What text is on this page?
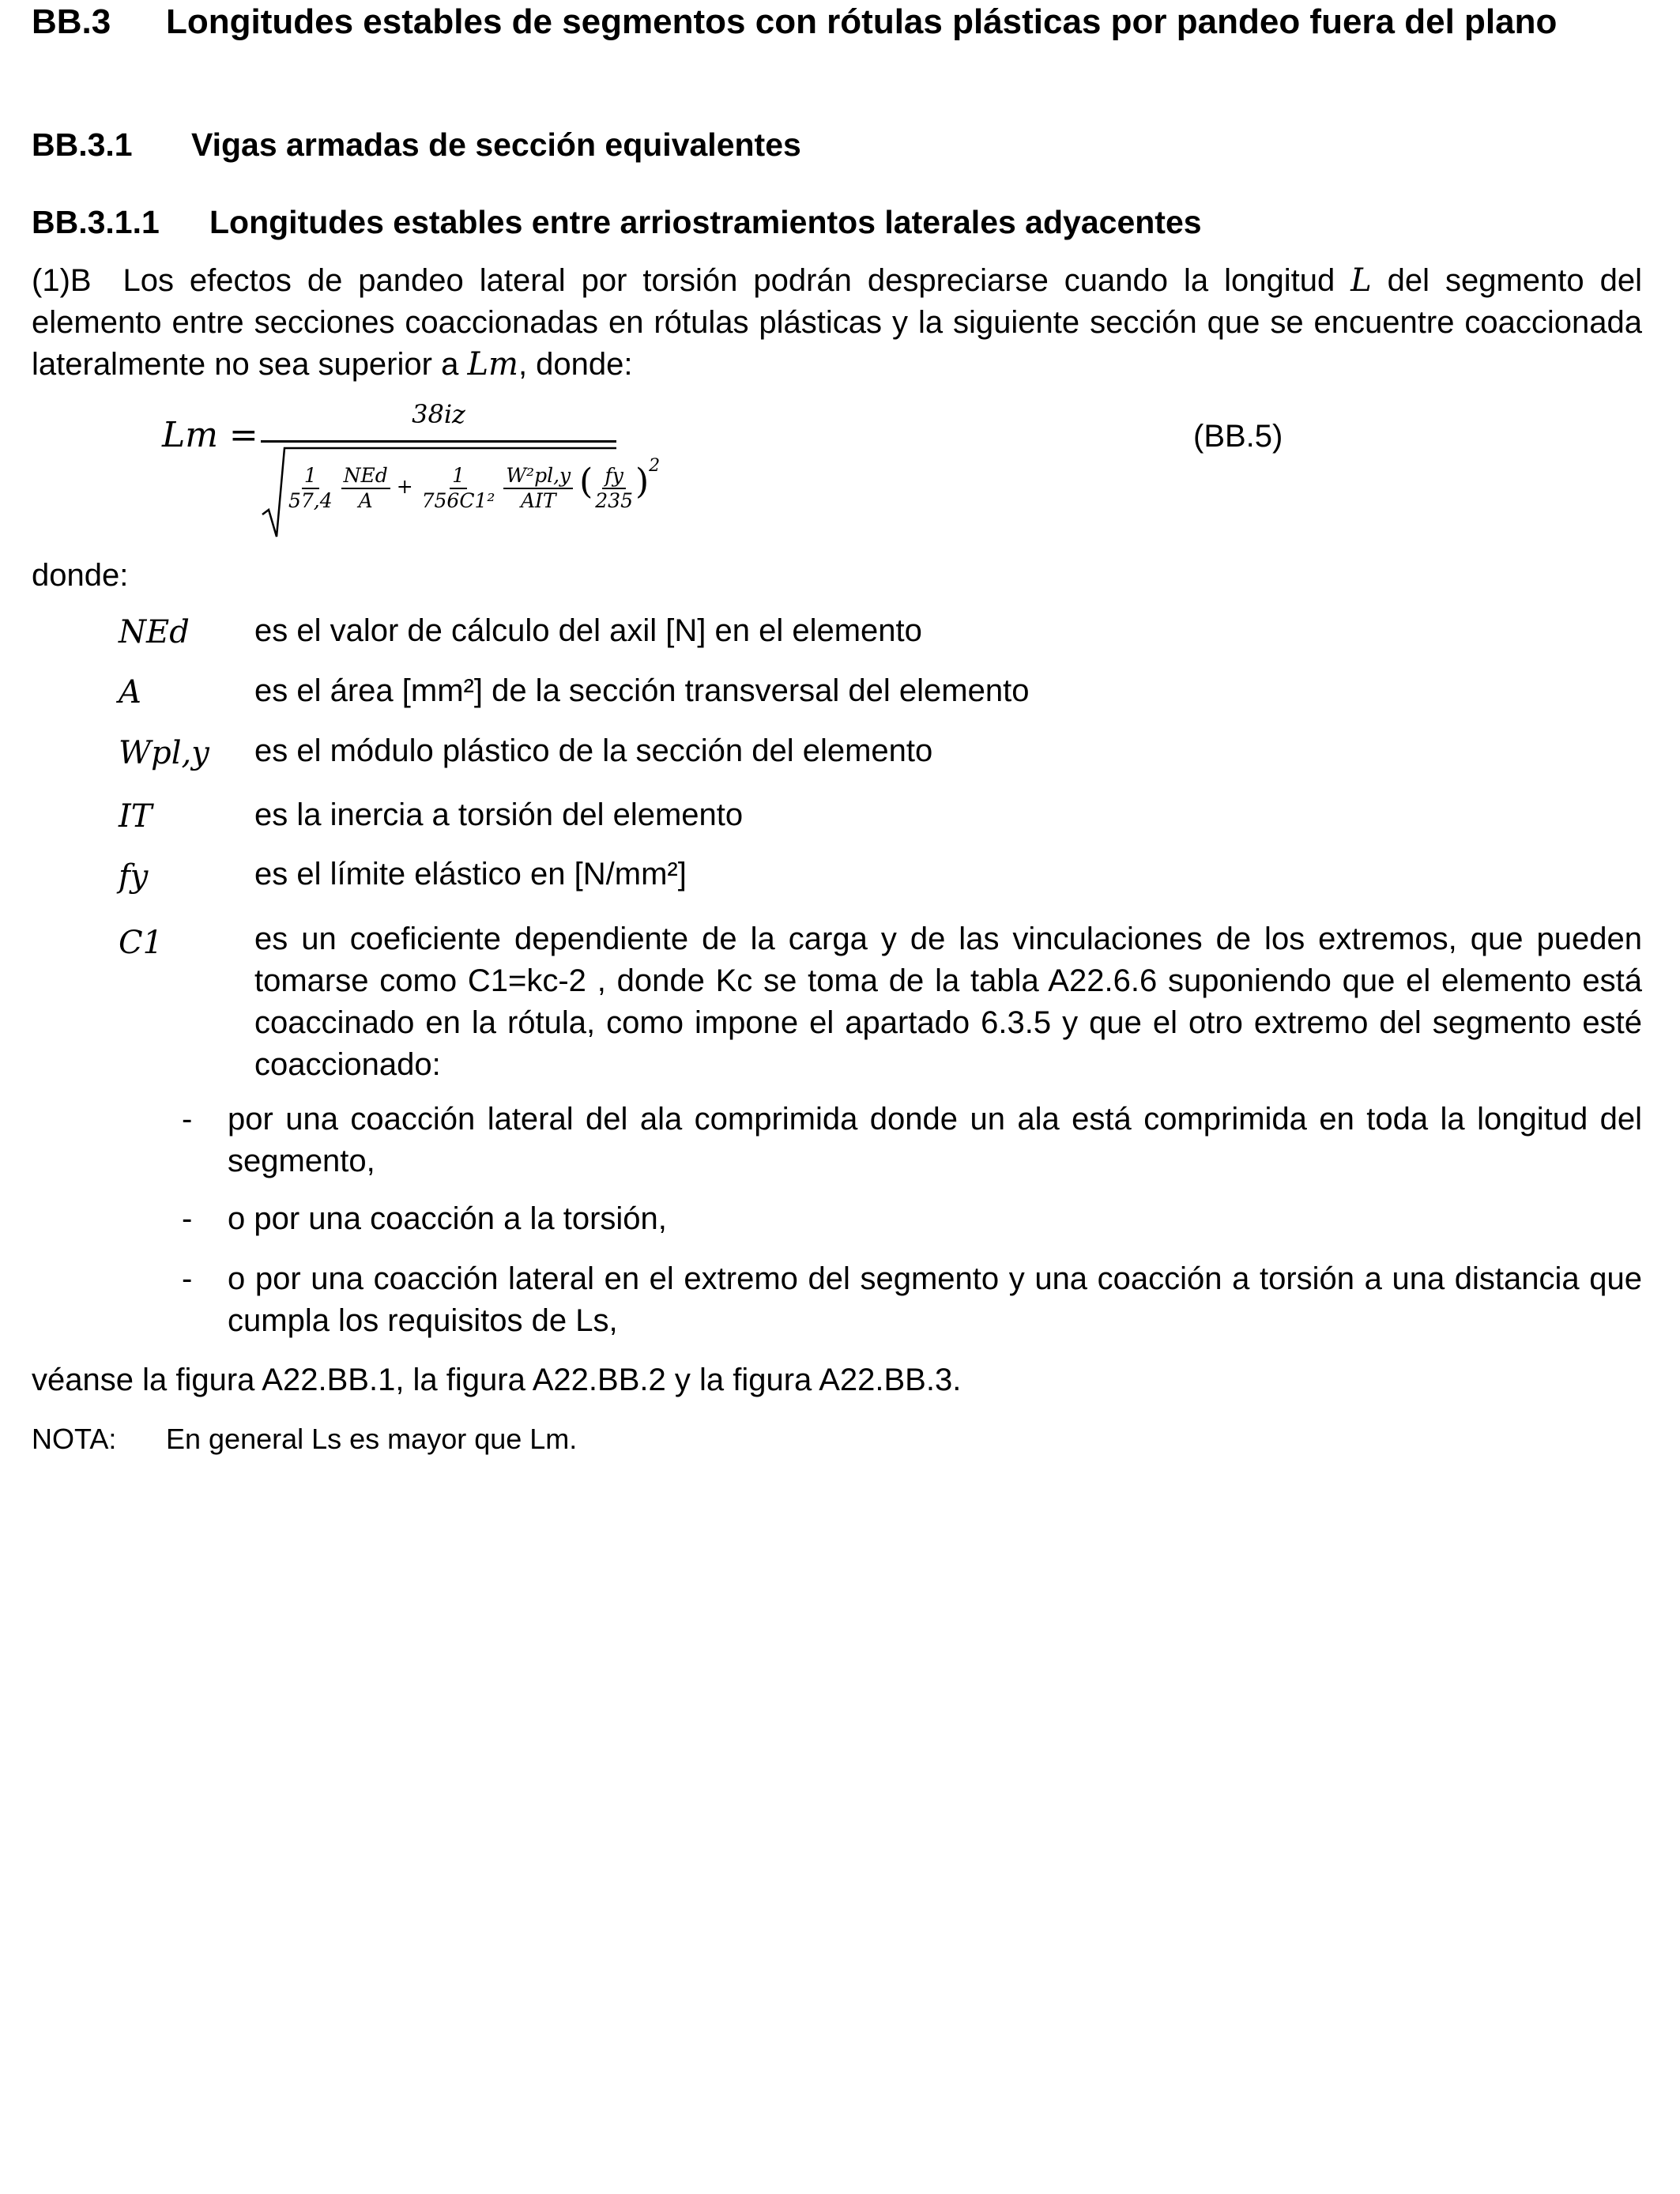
BB.3 Longitudes estables de segmentos con rótulas plásticas por pandeo fuera del plano
BB.3.1 Vigas armadas de sección equivalentes
BB.3.1.1 Longitudes estables entre arriostramientos laterales adyacentes
(1)B Los efectos de pandeo lateral por torsión podrán despreciarse cuando la longitud L del segmento del elemento entre secciones coaccionadas en rótulas plásticas y la siguiente sección que se encuentre coaccionada lateralmente no sea superior a Lm, donde:
Lm =
38iz
$\frac{1}{57,4}$
$\frac{\text{NEd}}{A} + \frac{1}{\text{756C1²}}$
$\frac{\text{W²pl,y}}{\text{AIT}}$ ( $\frac{fy}{235} )^2$
(BB.5)
donde:
NEd es el valor de cálculo del axil [N] en el elemento
A	es el área [mm²] de la sección transversal del elemento
Wpl,y es el módulo plástico de la sección del elemento
IT	es la inercia a torsión del elemento
fy	es el límite elástico en [N/mm²]
C1	es un coeficiente dependiente de la carga y de las vinculaciones de los extremos, que pueden tomarse como C1=kc-2 , donde Kc se toma de la tabla A22.6.6 suponiendo que el elemento está coaccinado en la rótula, como impone el apartado 6.3.5 y que el otro extremo del segmento esté coaccionado:
- por una coacción lateral del ala comprimida donde un ala está comprimida en toda la longitud del segmento,
- o por una coacción a la torsión,
- o por una coacción lateral en el extremo del segmento y una coacción a torsión a una distancia que cumpla los requisitos de Ls,
véanse la figura A22.BB.1, la figura A22.BB.2 y la figura A22.BB.3.
NOTA: En general Ls es mayor que Lm.
